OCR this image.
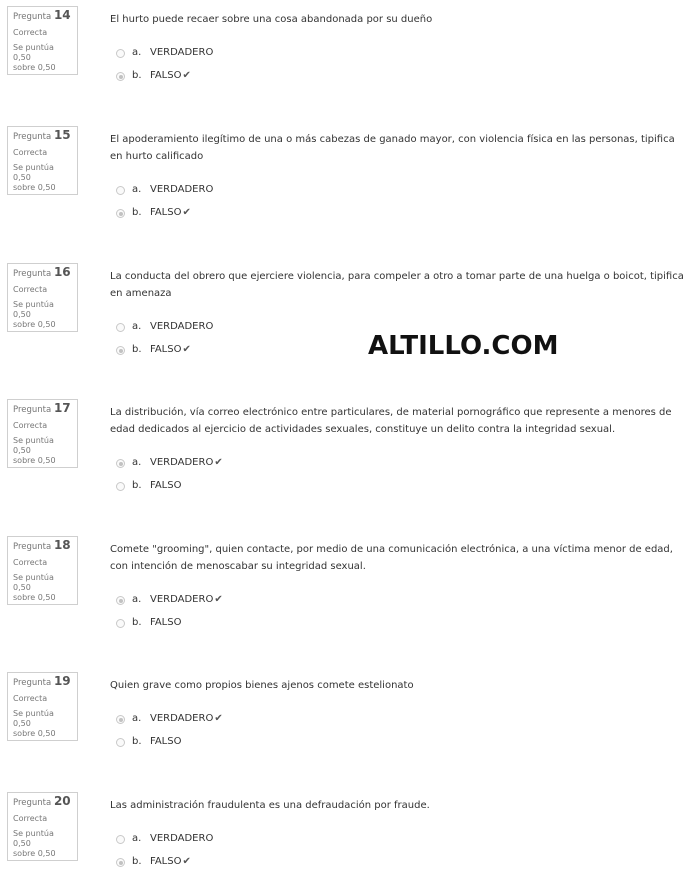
Pregunta 14
Correcta
Se puntúa 0,50
sobre 0,50
El hurto puede recaer sobre una cosa abandonada por su dueño
a. VERDADERO
b. FALSO✔
Pregunta 15
Correcta
Se puntúa 0,50
sobre 0,50
El apoderamiento ilegítimo de una o más cabezas de ganado mayor, con violencia física en las personas, tipifica en hurto calificado
a. VERDADERO
b. FALSO✔
Pregunta 16
Correcta
Se puntúa 0,50
sobre 0,50
La conducta del obrero que ejerciere violencia, para compeler a otro a tomar parte de una huelga o boicot, tipifica en amenaza
a. VERDADERO
b. FALSO✔
Pregunta 17
Correcta
Se puntúa 0,50
sobre 0,50
La distribución, vía correo electrónico entre particulares, de material pornográfico que represente a menores de edad dedicados al ejercicio de actividades sexuales, constituye un delito contra la integridad sexual.
a. VERDADERO✔
b. FALSO
Pregunta 18
Correcta
Se puntúa 0,50
sobre 0,50
Comete "grooming", quien contacte, por medio de una comunicación electrónica, a una víctima menor de edad, con intención de menoscabar su integridad sexual.
a. VERDADERO✔
b. FALSO
Pregunta 19
Correcta
Se puntúa 0,50
sobre 0,50
Quien grave como propios bienes ajenos comete estelionato
a. VERDADERO✔
b. FALSO
Pregunta 20
Correcta
Se puntúa 0,50
sobre 0,50
Las administración fraudulenta es una defraudación por fraude.
a. VERDADERO
b. FALSO✔
ALTILLO.COM
